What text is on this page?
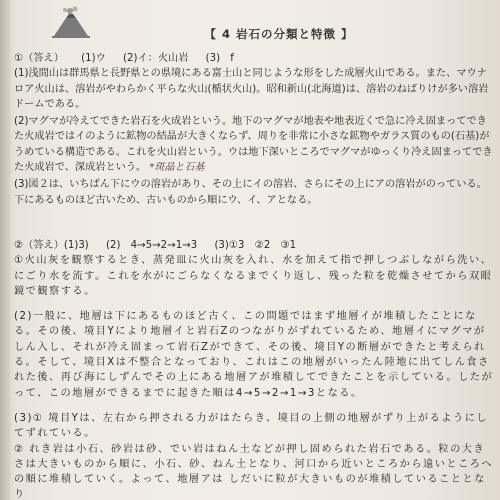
【 4 岩石の分類と特徴 】
①（答え） (1)ウ (2)イ：火山岩 (3)　f

(1)浅間山は群馬県と長野県との県境にある富士山と同じような形をした成層火山である。また、マウナロア火山は、溶岩がやわらかく平らな火山(楯状火山)。昭和新山(北海道)は、溶岩のねばりけが多い溶岩ドームである。

(2)マグマが冷えてできた岩石を火成岩という。地下のマグマが地表や地表近くで急に冷え固まってできた火成岩ではイのように鉱物の結晶が大きくならず、周りを非常に小さな鉱物やガラス質のもの(石基)がうめている構造である。これを火山岩という。ウは地下深いところでマグマがゆっくり冷え固まってできた火成岩で、深成岩という。 *斑晶と石基

(3)図２は、いちばん下にウの溶岩があり、その上にイの溶岩、さらにその上にアの溶岩がのっている。下にあるものほど古いため、古いものから順にウ、イ、アとなる。

②（答え）(1)3) (2)　4→5→2→1→3 (3)①3　②2　③1

①火山灰を観察するとき、蒸発皿に火山灰を入れ、水を加えて指で押しつぶしながら洗い、にごり水を流す。これを水がにごらなくなるまでくり返し、残った粒を乾燥させてから双眼鏡で観察する。

(2)一般に、地層は下にあるものほど古く、この問題ではまず地層イが堆積したことになる。その後、境目Yにより地層イと岩石Zのつながりがずれているため、地層イにマグマがしん入し、それが冷え固まって岩石Zができて、その後、境目Yの断層ができたと考えられる。そして、境目Xは不整合となっており、これはこの地層がいったん陸地に出てしん食された後、再び海にしずんでその上にある地層アが堆積してできたことを示している。したがって、この地層ができるまでに起きた順は4→5→2→1→3となる。

(3)① 境目Yは、左右から押される力がはたらき、境目の上側の地層がずり上がるようにしてずれている。

② れき岩は小石、砂岩は砂、でい岩はねん土などが押し固められた岩石である。粒の大きさは大きいものから順に、小石、砂、ねん土となり、河口から近いところから遠いところへの順に堆積していく。よって、地層アは しだいに粒が大きいものが堆積していることとなり
